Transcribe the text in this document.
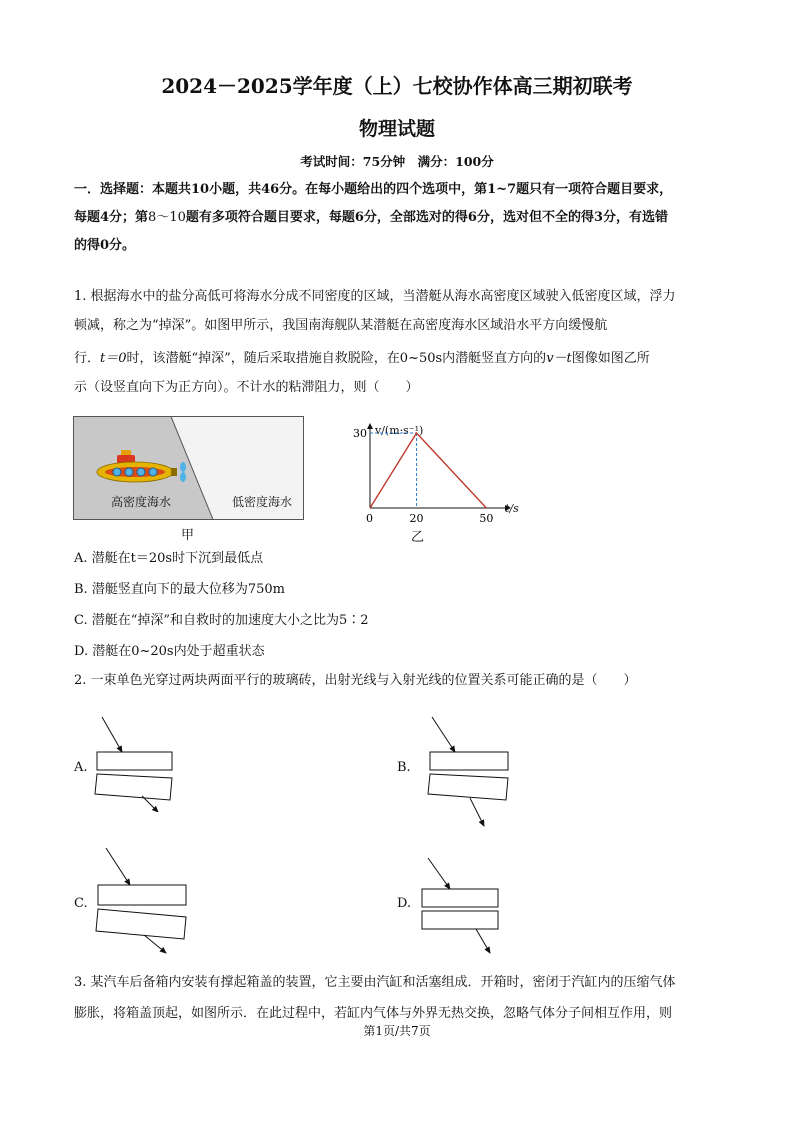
2024－2025学年度（上）七校协作体高三期初联考
物理试题
考试时间：75分钟　满分：100分
一．选择题：本题共10小题，共46分。在每小题给出的四个选项中，第1~7题只有一项符合题目要求，
每题4分；第8～10题有多项符合题目要求，每题6分，全部选对的得6分，选对但不全的得3分，有选错
的得0分。
1. 根据海水中的盐分高低可将海水分成不同密度的区域，当潜艇从海水高密度区域驶入低密度区域，浮力
顿减，称之为“掉深”。如图甲所示，我国南海舰队某潜艇在高密度海水区域沿水平方向缓慢航
行．t＝0时，该潜艇“掉深”，随后采取措施自救脱险，在0~50s内潜艇竖直方向的v－t图像如图乙所
示（设竖直向下为正方向）。不计水的粘滞阻力，则（　　）
高密度海水	低密度海水
甲
v/(m·s⁻¹)
t/s
0	20	50
30
乙
A. 潜艇在t＝20s时下沉到最低点
B. 潜艇竖直向下的最大位移为750m
C. 潜艇在“掉深”和自救时的加速度大小之比为5∶2
D. 潜艇在0~20s内处于超重状态
2. 一束单色光穿过两块两面平行的玻璃砖，出射光线与入射光线的位置关系可能正确的是（　　）
A.	B.
C.	D.
3. 某汽车后备箱内安装有撑起箱盖的装置，它主要由汽缸和活塞组成．开箱时，密闭于汽缸内的压缩气体
膨胀，将箱盖顶起，如图所示．在此过程中，若缸内气体与外界无热交换，忽略气体分子间相互作用，则
第1页/共7页
